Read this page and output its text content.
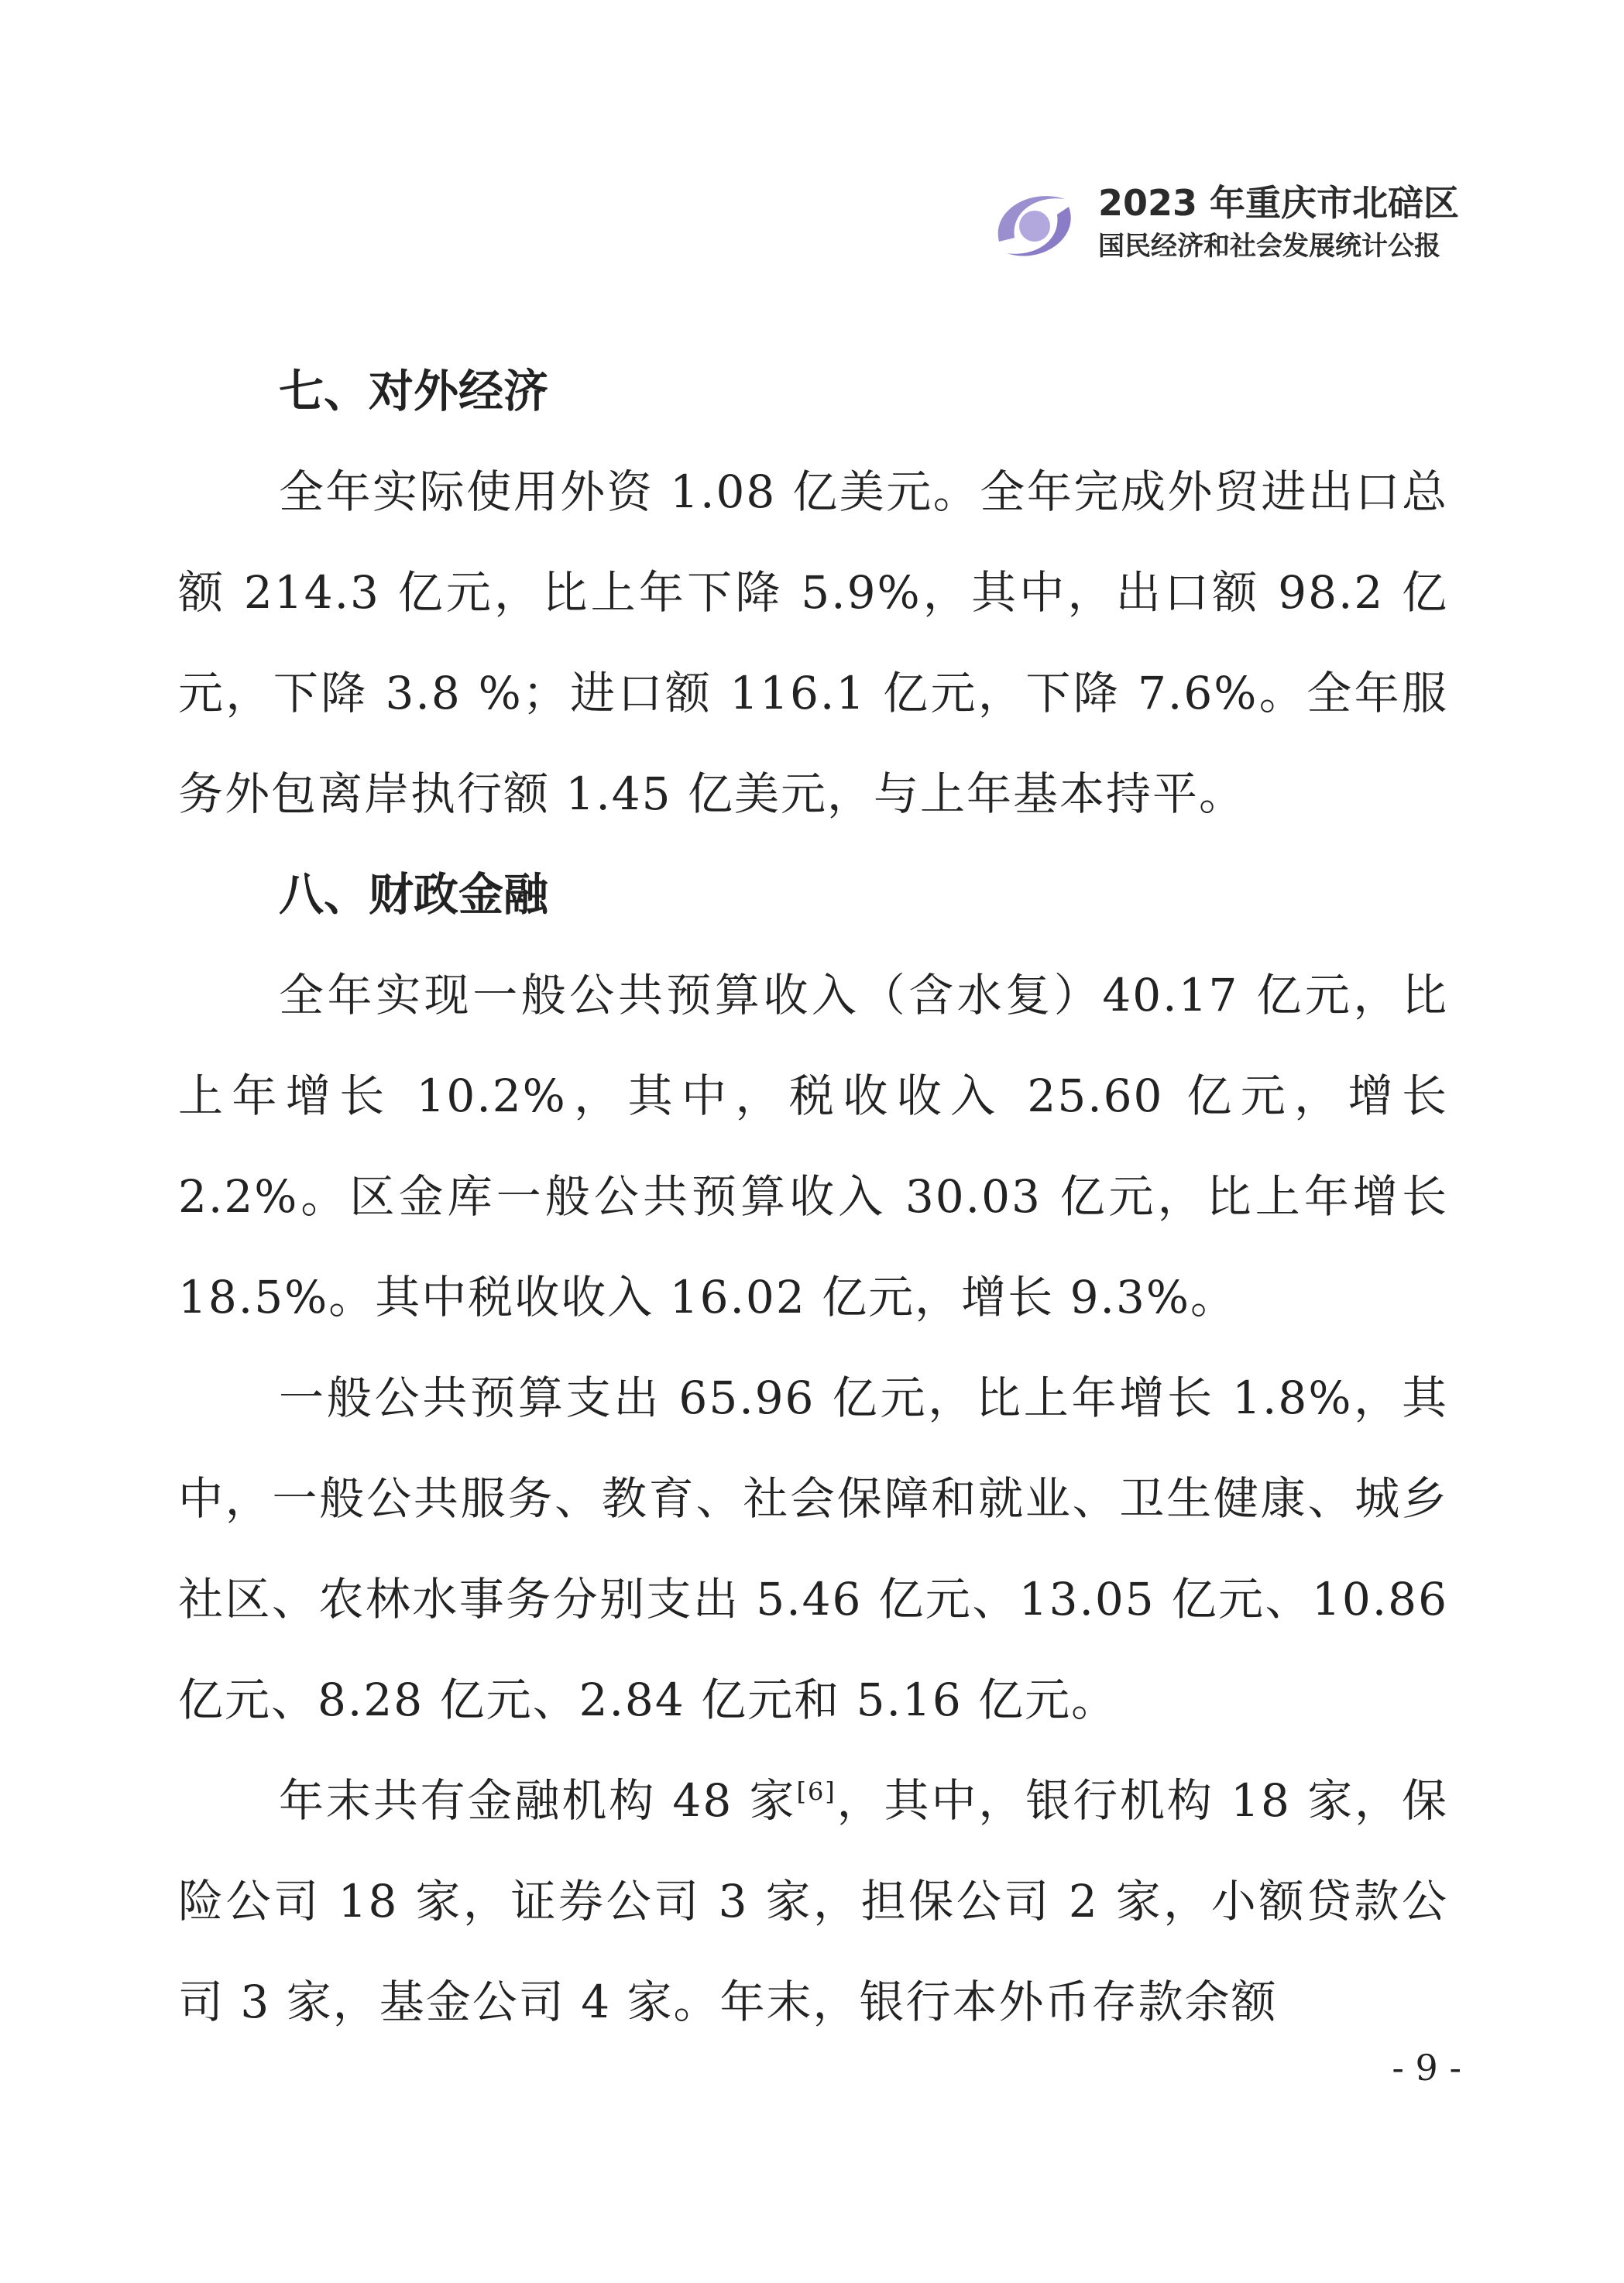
2023 年重庆市北碚区
国民经济和社会发展统计公报
七、对外经济

全年实际使用外资 1.08 亿美元。全年完成外贸进出口总额 214.3 亿元，比上年下降 5.9%，其中，出口额 98.2 亿元，下降 3.8 %；进口额 116.1 亿元，下降 7.6%。全年服务外包离岸执行额 1.45 亿美元，与上年基本持平。

八、财政金融

全年实现一般公共预算收入（含水复）40.17 亿元，比上年增长 10.2%，其中，税收收入 25.60 亿元，增长 2.2%。区金库一般公共预算收入 30.03 亿元，比上年增长 18.5%。其中税收收入 16.02 亿元，增长 9.3%。

一般公共预算支出 65.96 亿元，比上年增长 1.8%，其中，一般公共服务、教育、社会保障和就业、卫生健康、城乡社区、农林水事务分别支出 5.46 亿元、13.05 亿元、10.86 亿元、8.28 亿元、2.84 亿元和 5.16 亿元。

年末共有金融机构 48 家[6]，其中，银行机构 18 家，保险公司 18 家，证券公司 3 家，担保公司 2 家，小额贷款公司 3 家，基金公司 4 家。年末，银行本外币存款余额

- 9 -
